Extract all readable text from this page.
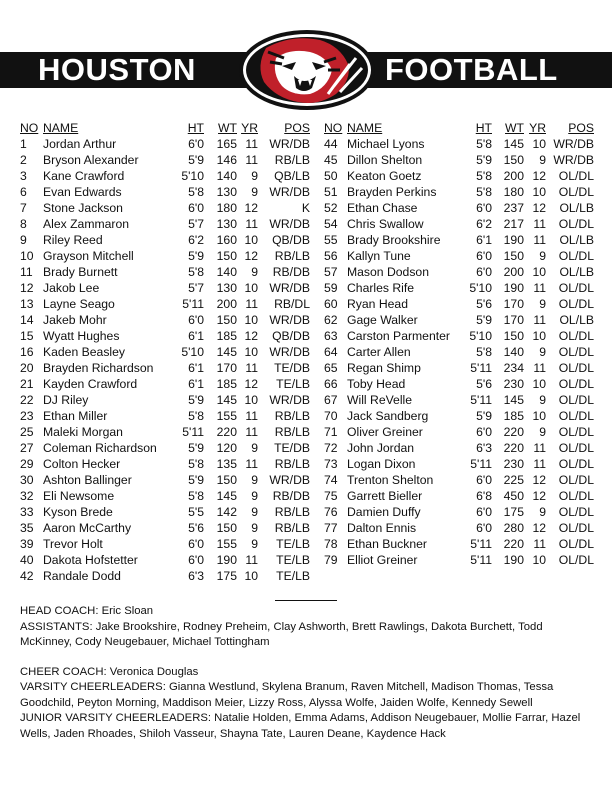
HOUSTON	FOOTBALL
NO NAME	HT WT YR POS
1 Jordan Arthur	6'0 165 11 WR/DB
2 Bryson Alexander	5'9 146 11 RB/LB
3 Kane Crawford	5'10 140 9 QB/LB
6 Evan Edwards	5'8 130 9 WR/DB
7 Stone Jackson	6'0 180 12	K
8 Alex Zammaron	5'7 130 11 WR/DB
9 Riley Reed	6'2 160 10 QB/DB
10 Grayson Mitchell	5'9 150 12 RB/LB
11 Brady Burnett	5'8 140 9 RB/DB
12 Jakob Lee	5'7 130 10 WR/DB
13 Layne Seago	5'11 200 11 RB/DL
14 Jakeb Mohr	6'0 150 10 WR/DB
15 Wyatt Hughes	6'1 185 12 QB/DB
16 Kaden Beasley	5'10 145 10 WR/DB
20 Brayden Richardson	6'1 170 11 TE/DB
21 Kayden Crawford	6'1 185 12 TE/LB
22 DJ Riley	5'9 145 10 WR/DB
23 Ethan Miller	5'8 155 11 RB/LB
25 Maleki Morgan	5'11 220 11 RB/LB
27 Coleman Richardson	5'9 120 9 TE/DB
29 Colton Hecker	5'8 135 11 RB/LB
30 Ashton Ballinger	5'9 150 9 WR/DB
32 Eli Newsome	5'8 145 9 RB/DB
33 Kyson Brede	5'5 142 9 RB/LB
35 Aaron McCarthy	5'6 150 9 RB/LB
39 Trevor Holt	6'0 155 9 TE/LB
40 Dakota Hofstetter	6'0 190 11 TE/LB
42 Randale Dodd	6'3 175 10 TE/LB
NO NAME	HT WT YR POS
44 Michael Lyons	5'8 145 10 WR/DB
45 Dillon Shelton	5'9 150 9 WR/DB
50 Keaton Goetz	5'8 200 12 OL/DL
51 Brayden Perkins	5'8 180 10 OL/DL
52 Ethan Chase	6'0 237 12 OL/LB
54 Chris Swallow	6'2 217 11 OL/DL
55 Brady Brookshire	6'1 190 11 OL/LB
56 Kallyn Tune	6'0 150 9 OL/DL
57 Mason Dodson	6'0 200 10 OL/LB
59 Charles Rife	5'10 190 11 OL/DL
60 Ryan Head	5'6 170 9 OL/DL
62 Gage Walker	5'9 170 11 OL/LB
63 Carston Parmenter 5'10 150 10 OL/DL
64 Carter Allen	5'8 140 9 OL/DL
65 Regan Shimp	5'11 234 11 OL/DL
66 Toby Head	5'6 230 10 OL/DL
67 Will ReVelle	5'11 145 9 OL/DL
70 Jack Sandberg	5'9 185 10 OL/DL
71 Oliver Greiner	6'0 220 9 OL/DL
72 John Jordan	6'3 220 11 OL/DL
73 Logan Dixon	5'11 230 11 OL/DL
74 Trenton Shelton	6'0 225 12 OL/DL
75 Garrett Bieller	6'8 450 12 OL/DL
76 Damien Duffy	6'0 175 9 OL/DL
77 Dalton Ennis	6'0 280 12 OL/DL
78 Ethan Buckner	5'11 220 11 OL/DL
79 Elliot Greiner	5'11 190 10 OL/DL

HEAD COACH: Eric Sloan

ASSISTANTS: Jake Brookshire, Rodney Preheim, Clay Ashworth, Brett Rawlings, Dakota Burchett, Todd McKinney, Cody Neugebauer, Michael Tottingham

CHEER COACH: Veronica Douglas

VARSITY CHEERLEADERS: Gianna Westlund, Skylena Branum, Raven Mitchell, Madison Thomas, Tessa Goodchild, Peyton Morning, Maddison Meier, Lizzy Ross, Alyssa Wolfe, Jaiden Wolfe, Kennedy Sewell

JUNIOR VARSITY CHEERLEADERS: Natalie Holden, Emma Adams, Addison Neugebauer, Mollie Farrar, Hazel Wells, Jaden Rhoades, Shiloh Vasseur, Shayna Tate, Lauren Deane, Kaydence Hack
